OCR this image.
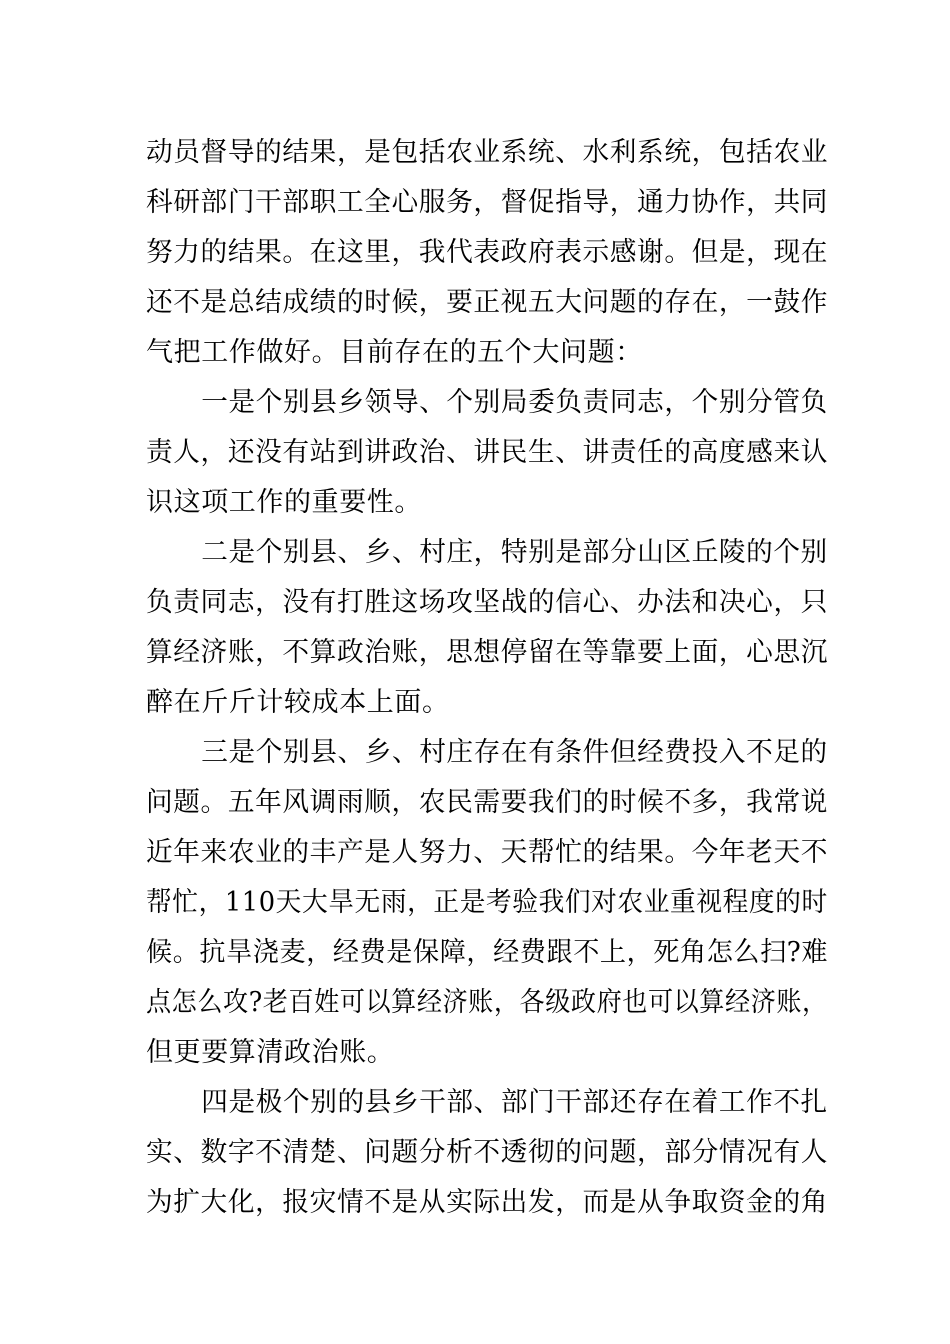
动员督导的结果，是包括农业系统、水利系统，包括农业
科研部门干部职工全心服务，督促指导，通力协作，共同
努力的结果。在这里，我代表政府表示感谢。但是，现在
还不是总结成绩的时候，要正视五大问题的存在，一鼓作
气把工作做好。目前存在的五个大问题：
一是个别县乡领导、个别局委负责同志，个别分管负
责人，还没有站到讲政治、讲民生、讲责任的高度感来认
识这项工作的重要性。
二是个别县、乡、村庄，特别是部分山区丘陵的个别
负责同志，没有打胜这场攻坚战的信心、办法和决心，只
算经济账，不算政治账，思想停留在等靠要上面，心思沉
醉在斤斤计较成本上面。
三是个别县、乡、村庄存在有条件但经费投入不足的
问题。五年风调雨顺，农民需要我们的时候不多，我常说
近年来农业的丰产是人努力、天帮忙的结果。今年老天不
帮忙，110天大旱无雨，正是考验我们对农业重视程度的时
候。抗旱浇麦，经费是保障，经费跟不上，死角怎么扫?难
点怎么攻?老百姓可以算经济账，各级政府也可以算经济账，
但更要算清政治账。
四是极个别的县乡干部、部门干部还存在着工作不扎
实、数字不清楚、问题分析不透彻的问题，部分情况有人
为扩大化，报灾情不是从实际出发，而是从争取资金的角
